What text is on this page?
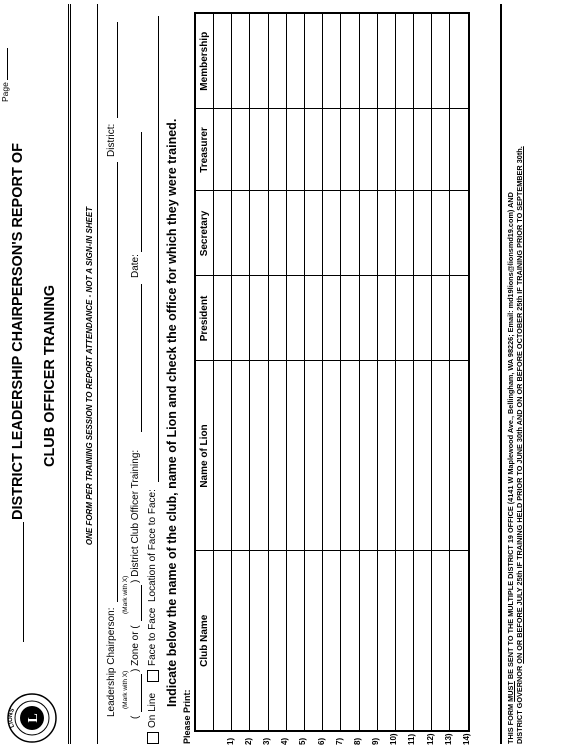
L
LIONS
Page
DISTRICT LEADERSHIP CHAIRPERSON'S REPORT OF CLUB OFFICER TRAINING	ONE FORM PER TRAINING SESSION TO REPORT ATTENDANCE - NOT A SIGN-IN SHEET
Leadership Chairperson:
District:
(Mark with X)
(Mark with X)
(
) Zone or (
) District Club Officer Training:
Date:
On Line
Face to Face
Location of Face to Face: Indicate below the name of the club, name of Lion and check the office for which they were trained.
Please Print:
Club Name	Name of Lion	President	Secretary	Treasurer	Membership

1)					

2)					

3)					

4)					

5)					

6)					

7)					

8)					

9)					

10)					

11)					

12)					

13)					

14)					
						THIS FORM MUST BE SENT TO THE MULTIPLE DISTRICT 19 OFFICE (4141 W Maplewood Ave., Bellingham, WA 98226; Email: md19lions@lionsmd19.com) AND
DISTRICT GOVERNOR ON OR BEFORE JULY 25th IF TRAINING HELD PRIOR TO JUNE 30th AND ON OR BEFORE OCTOBER 25th IF TRAINING PRIOR TO SEPTEMBER 30th.
